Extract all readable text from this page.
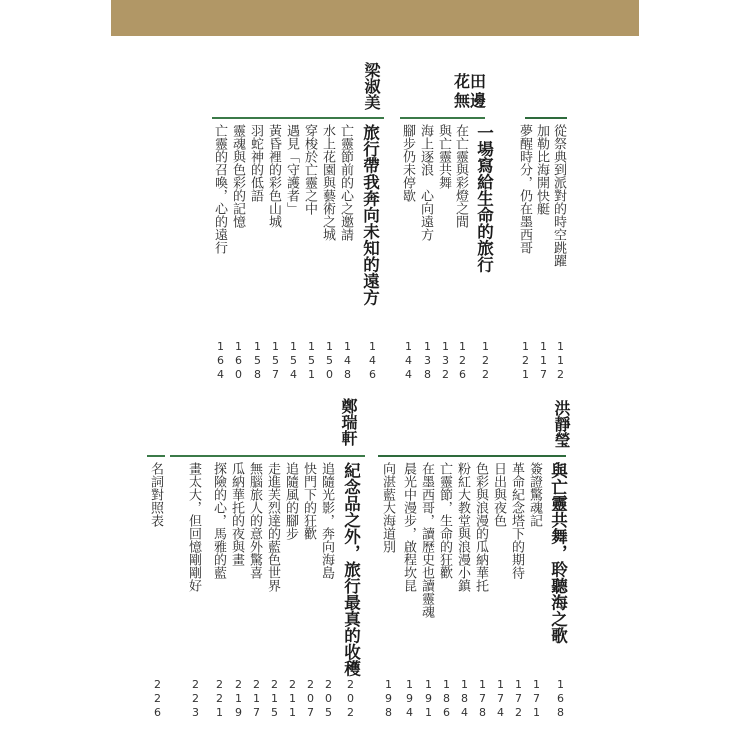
從祭典到派對的時空跳躍
加勒比海開快艇
夢醒時分，仍在墨西哥
112
117
121
花田無邊
一場寫給生命的旅行
在亡靈與彩燈之間
與亡靈共舞
海上逐浪　心向遠方
腳步仍未停歇
122
126
132
138
144
梁淑美
旅行帶我奔向未知的遠方
亡靈節前的心之邀請
水上花園與藝術之城
穿梭於亡靈之中
遇見「守護者」
黃昏裡的彩色山城
羽蛇神的低語
靈魂與色彩的記憶
亡靈的召喚，心的遠行
146
148
150
151
154
157
158
160
164
洪靜瑩
與亡靈共舞，聆聽海之歌
簽證驚魂記
革命紀念塔下的期待
日出與夜色
色彩與浪漫的瓜納華托
粉紅大教堂與浪漫小鎮
亡靈節，生命的狂歡
在墨西哥，讀歷史也讀靈魂
晨光中漫步，啟程坎昆
向湛藍大海道別
168
171
172
174
178
184
186
191
194
198
鄭瑞軒
紀念品之外，旅行最真的收穫
追隨光影，奔向海島
快門下的狂歡
追隨風的腳步
走進芙烈達的藍色世界
無腦旅人的意外驚喜
瓜納華托的夜與畫
探險的心，馬雅的藍
畫太大，但回憶剛剛好
202
205
207
211
215
217
219
221
223
名詞對照表
226
